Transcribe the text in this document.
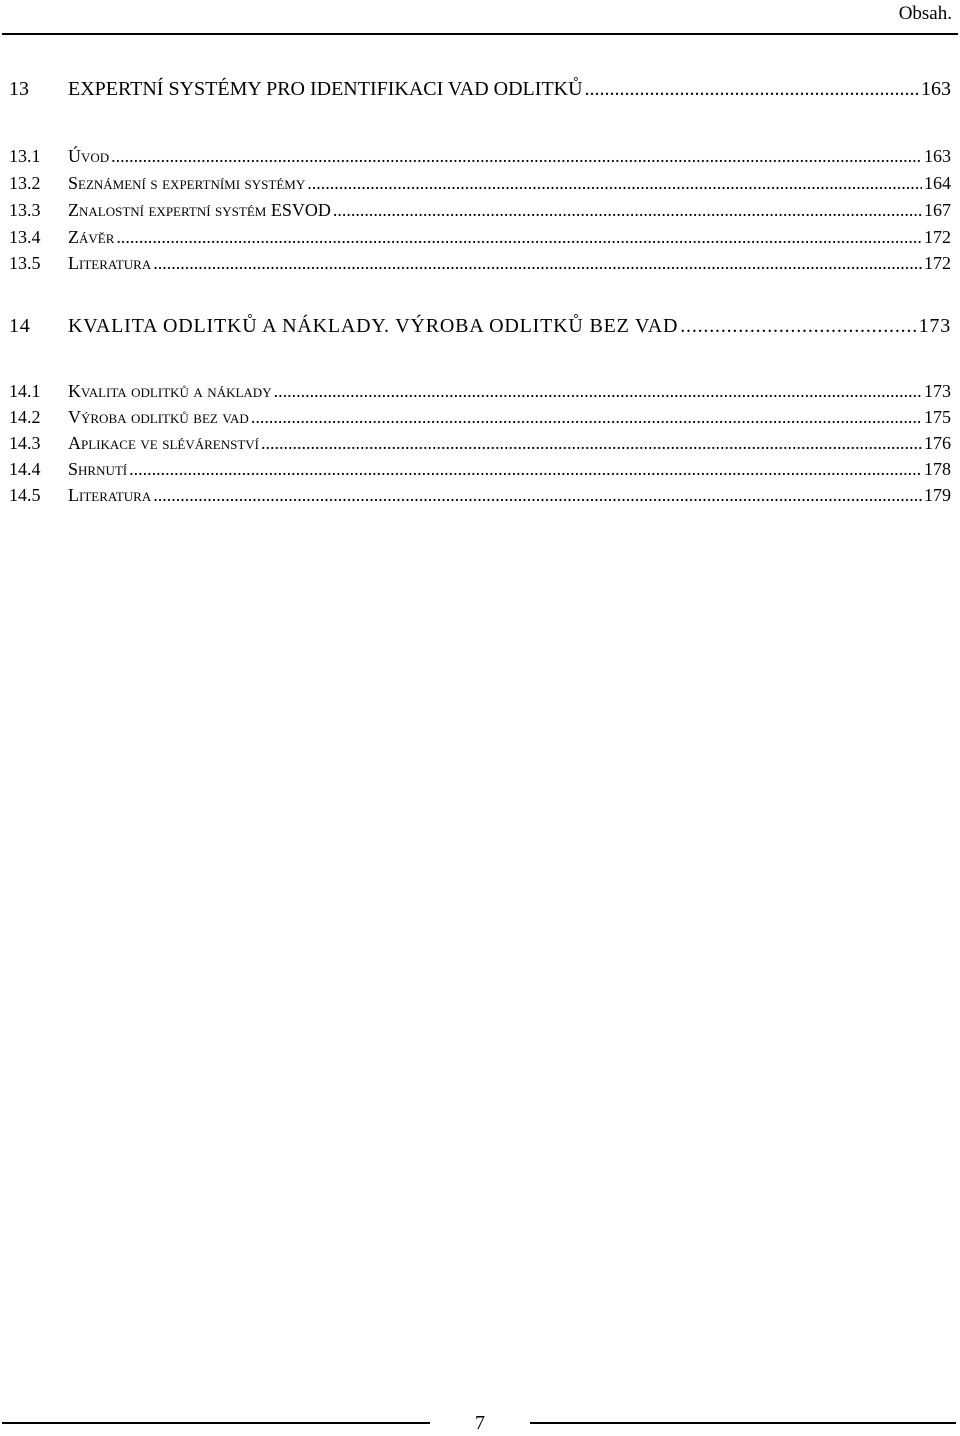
Obsah.
13	EXPERTNÍ SYSTÉMY PRO IDENTIFIKACI VAD ODLITKŮ .....	163
13.1	Úvod .....	163
13.2	Seznámení s expertními systémy .....	164
13.3	Znalostní expertní systém ESVOD .....	167
13.4	Závěr .....	172
13.5	Literatura .....	172
14	KVALITA ODLITKŮ A NÁKLADY. VÝROBA ODLITKŮ BEZ VAD .....	173
14.1	Kvalita odlitků a náklady .....	173
14.2	Výroba odlitků bez vad .....	175
14.3	Aplikace ve slévárenství .....	176
14.4	Shrnutí .....	178
14.5	Literatura .....	179
7
